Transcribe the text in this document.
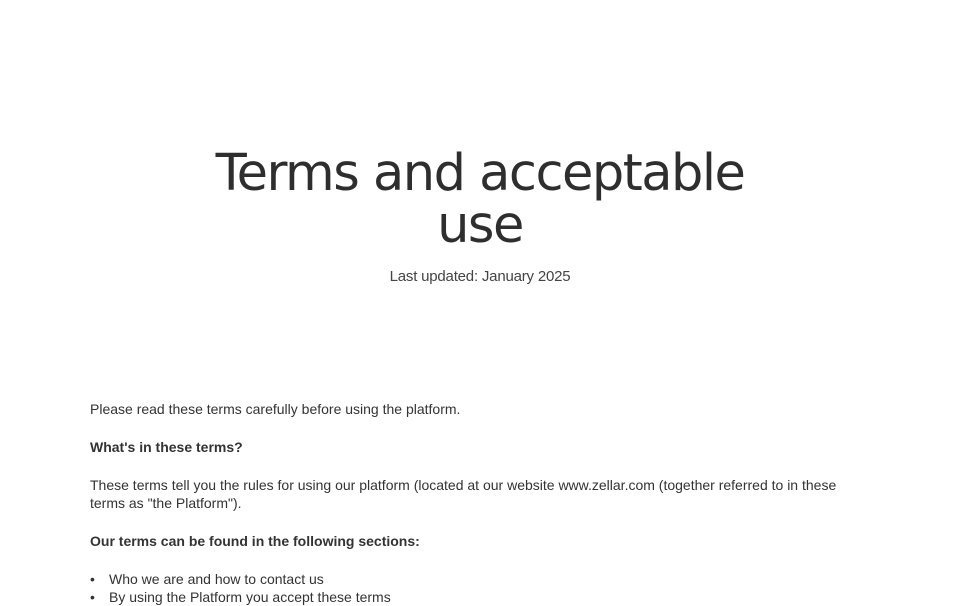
Terms and acceptable use
Last updated: January 2025

Please read these terms carefully before using the platform.

What's in these terms?

These terms tell you the rules for using our platform (located at our website www.zellar.com (together referred to in these terms as "the Platform").

Our terms can be found in the following sections:

• Who we are and how to contact us
• By using the Platform you accept these terms
